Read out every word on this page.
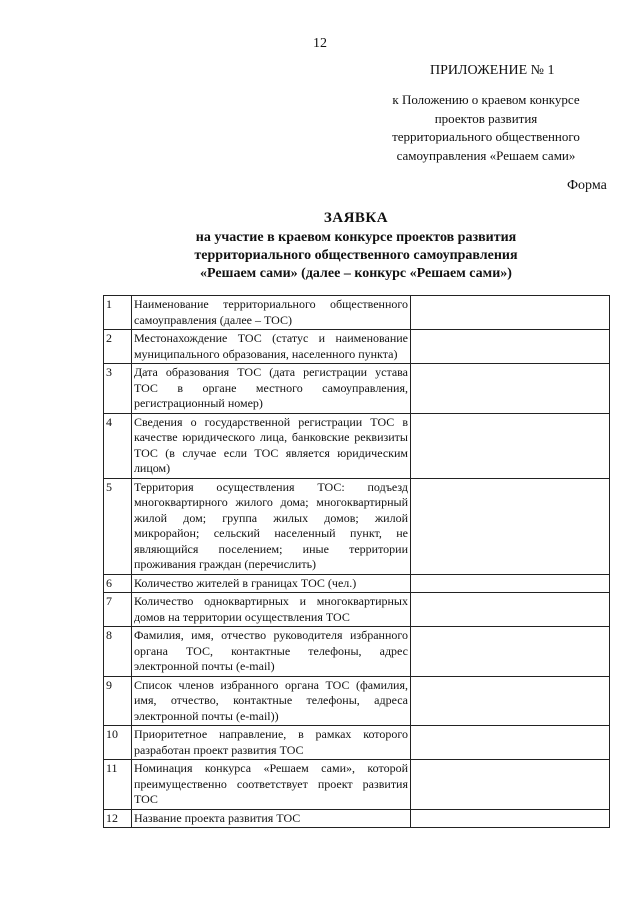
12
ПРИЛОЖЕНИЕ № 1
к Положению о краевом конкурсе
проектов развития
территориального общественного
самоуправления «Решаем сами»
Форма
ЗАЯВКА
на участие в краевом конкурсе проектов развития
территориального общественного самоуправления
«Решаем сами» (далее – конкурс «Решаем сами»)
1	Наименование территориального общественного самоуправления (далее – ТОС)	
2	Местонахождение ТОС (статус и наименование муниципального образования, населенного пункта)	
3	Дата образования ТОС (дата регистрации устава ТОС в органе местного самоуправления, регистрационный номер)	
4	Сведения о государственной регистрации ТОС в качестве юридического лица, банковские реквизиты ТОС (в случае если ТОС является юридическим лицом)	
5	Территория осуществления ТОС: подъезд многоквартирного жилого дома; многоквартирный жилой дом; группа жилых домов; жилой микрорайон; сельский населенный пункт, не являющийся поселением; иные территории проживания граждан (перечислить)	
6	Количество жителей в границах ТОС (чел.)	
7	Количество одноквартирных и многоквартирных домов на территории осуществления ТОС	
8	Фамилия, имя, отчество руководителя избранного органа ТОС, контактные телефоны, адрес электронной почты (e-mail)	
9	Список членов избранного органа ТОС (фамилия, имя, отчество, контактные телефоны, адреса электронной почты (e-mail))	
10	Приоритетное направление, в рамках которого разработан проект развития ТОС	
11	Номинация конкурса «Решаем сами», которой преимущественно соответствует проект развития ТОС	
12	Название проекта развития ТОС	
